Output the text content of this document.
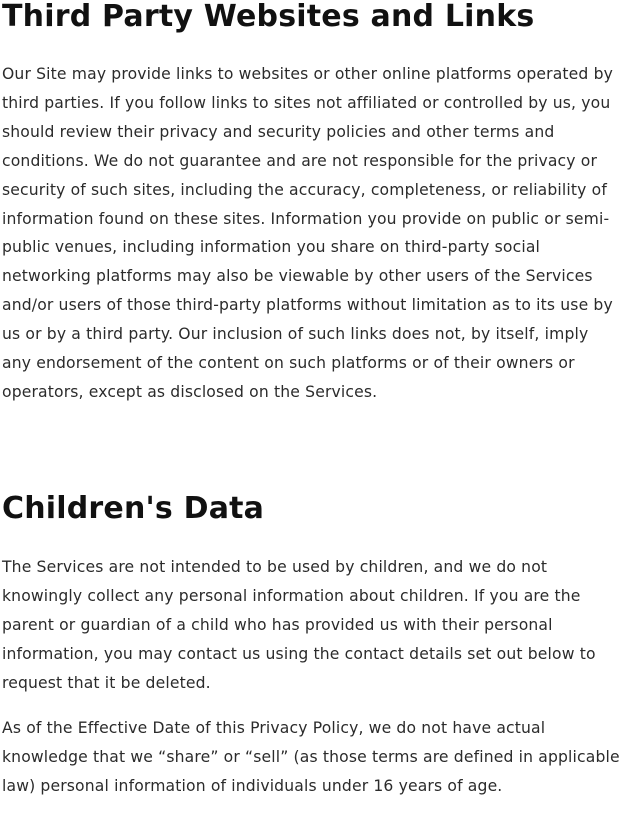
Third Party Websites and Links

Our Site may provide links to websites or other online platforms operated by third parties. If you follow links to sites not affiliated or controlled by us, you should review their privacy and security policies and other terms and conditions. We do not guarantee and are not responsible for the privacy or security of such sites, including the accuracy, completeness, or reliability of information found on these sites. Information you provide on public or semi-public venues, including information you share on third-party social networking platforms may also be viewable by other users of the Services and/or users of those third-party platforms without limitation as to its use by us or by a third party. Our inclusion of such links does not, by itself, imply any endorsement of the content on such platforms or of their owners or operators, except as disclosed on the Services.

Children's Data

The Services are not intended to be used by children, and we do not knowingly collect any personal information about children. If you are the parent or guardian of a child who has provided us with their personal information, you may contact us using the contact details set out below to request that it be deleted.

As of the Effective Date of this Privacy Policy, we do not have actual knowledge that we “share” or “sell” (as those terms are defined in applicable law) personal information of individuals under 16 years of age.
